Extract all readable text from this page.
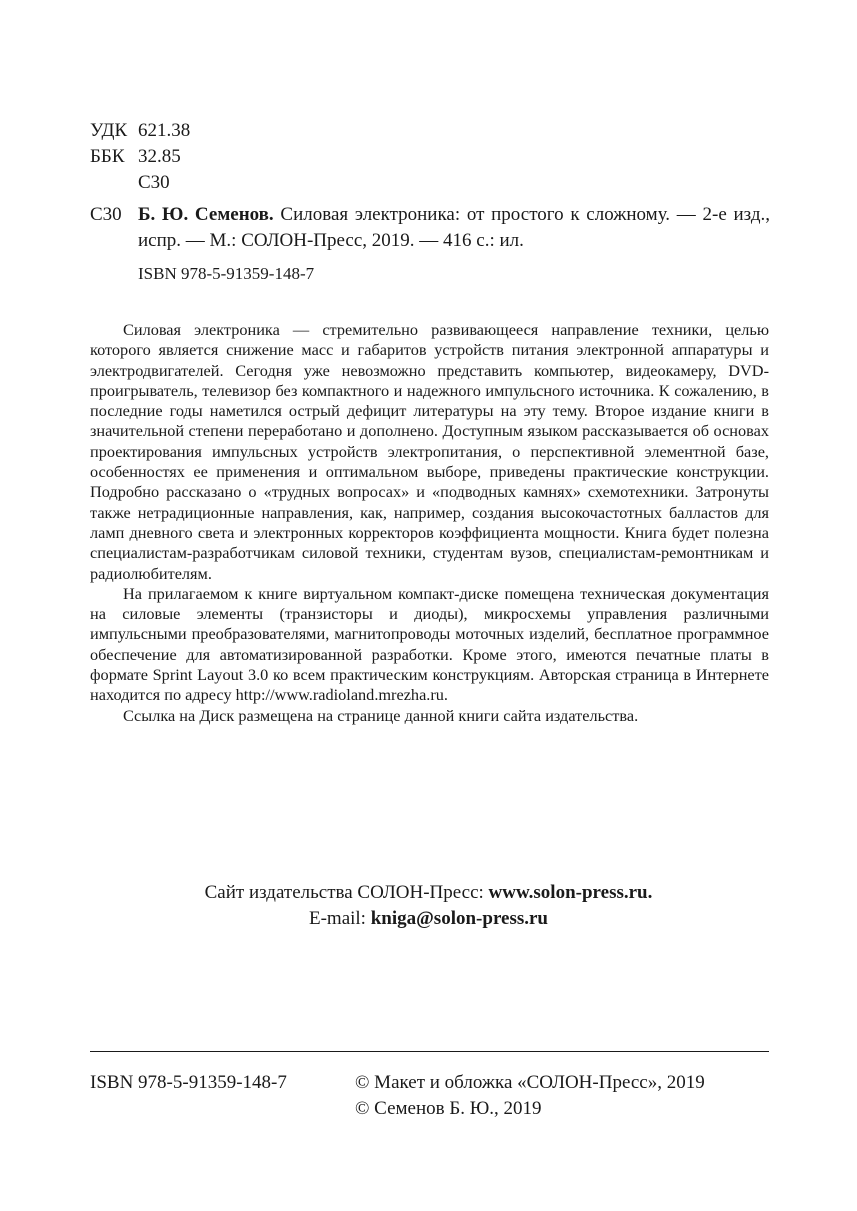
УДК 621.38
ББК 32.85
С30
С30 Б. Ю. Семенов. Силовая электроника: от простого к сложному. — 2-е изд., испр. — М.: СОЛОН-Пресс, 2019. — 416 с.: ил.
ISBN 978-5-91359-148-7

Силовая электроника — стремительно развивающееся направление техники, целью которого является снижение масс и габаритов устройств питания электронной аппаратуры и электродвигателей. Сегодня уже невозможно представить компьютер, видеокамеру, DVD-проигрыватель, телевизор без компактного и надежного импульсного источника. К сожалению, в последние годы наметился острый дефицит литературы на эту тему. Второе издание книги в значительной степени переработано и дополнено. Доступным языком рассказывается об основах проектирования импульсных устройств электропитания, о перспективной элементной базе, особенностях ее применения и оптимальном выборе, приведены практические конструкции. Подробно рассказано о «трудных вопросах» и «подводных камнях» схемотехники. Затронуты также нетрадиционные направления, как, например, создания высокочастотных балластов для ламп дневного света и электронных корректоров коэффициента мощности. Книга будет полезна специалистам-разработчикам силовой техники, студентам вузов, специалистам-ремонтникам и радиолюбителям.

На прилагаемом к книге виртуальном компакт-диске помещена техническая документация на силовые элементы (транзисторы и диоды), микросхемы управления различными импульсными преобразователями, магнитопроводы моточных изделий, бесплатное программное обеспечение для автоматизированной разработки. Кроме этого, имеются печатные платы в формате Sprint Layout 3.0 ко всем практическим конструкциям. Авторская страница в Интернете находится по адресу http://www.radioland.mrezha.ru.

Ссылка на Диск размещена на странице данной книги сайта издательства.

Сайт издательства СОЛОН-Пресс: www.solon-press.ru.
E-mail: kniga@solon-press.ru
ISBN 978-5-91359-148-7	© Макет и обложка «СОЛОН-Пресс», 2019
© Семенов Б. Ю., 2019
